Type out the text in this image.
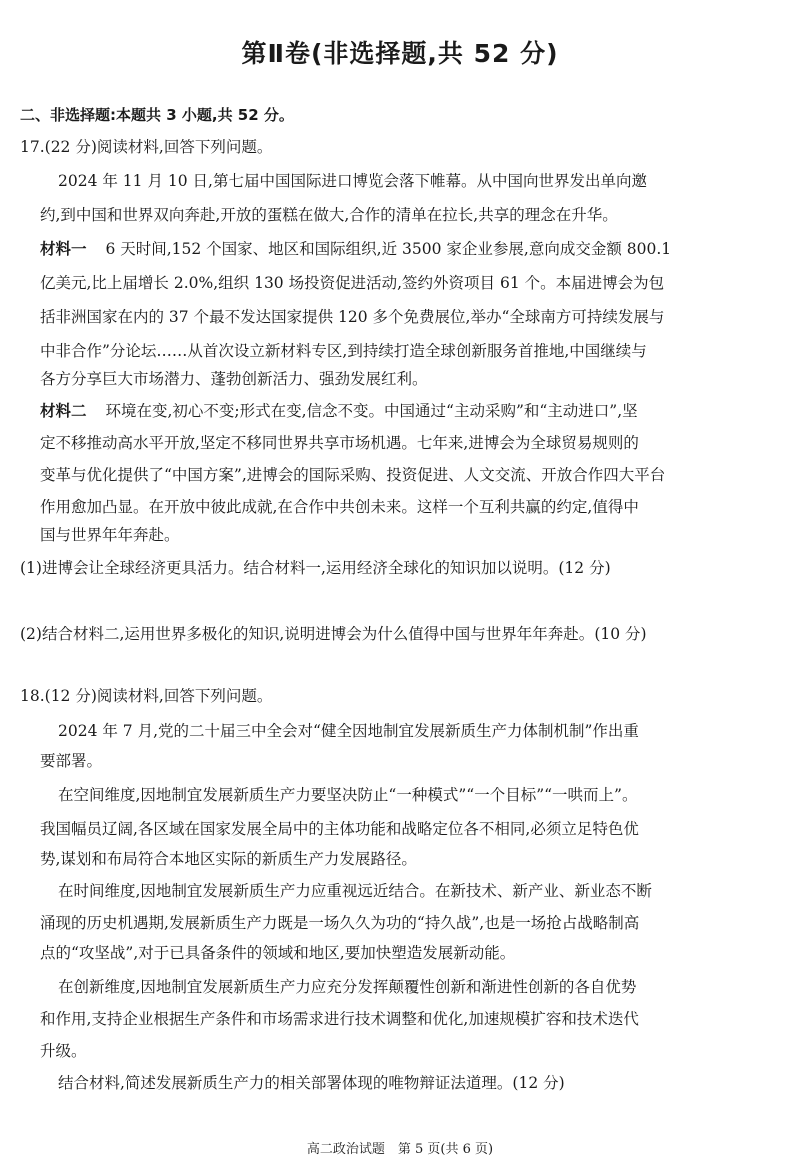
第Ⅱ卷(非选择题,共 52 分)
二、非选择题:本题共 3 小题,共 52 分。
17.(22 分)阅读材料,回答下列问题。
2024 年 11 月 10 日,第七届中国国际进口博览会落下帷幕。从中国向世界发出单向邀
约,到中国和世界双向奔赴,开放的蛋糕在做大,合作的清单在拉长,共享的理念在升华。
材料一 6 天时间,152 个国家、地区和国际组织,近 3500 家企业参展,意向成交金额 800.1
亿美元,比上届增长 2.0%,组织 130 场投资促进活动,签约外资项目 61 个。本届进博会为包
括非洲国家在内的 37 个最不发达国家提供 120 多个免费展位,举办“全球南方可持续发展与
中非合作”分论坛……从首次设立新材料专区,到持续打造全球创新服务首推地,中国继续与
各方分享巨大市场潜力、蓬勃创新活力、强劲发展红利。
材料二 环境在变,初心不变;形式在变,信念不变。中国通过“主动采购”和“主动进口”,坚
定不移推动高水平开放,坚定不移同世界共享市场机遇。七年来,进博会为全球贸易规则的
变革与优化提供了“中国方案”,进博会的国际采购、投资促进、人文交流、开放合作四大平台
作用愈加凸显。在开放中彼此成就,在合作中共创未来。这样一个互利共赢的约定,值得中
国与世界年年奔赴。
(1)进博会让全球经济更具活力。结合材料一,运用经济全球化的知识加以说明。(12 分)
(2)结合材料二,运用世界多极化的知识,说明进博会为什么值得中国与世界年年奔赴。(10 分)
18.(12 分)阅读材料,回答下列问题。
2024 年 7 月,党的二十届三中全会对“健全因地制宜发展新质生产力体制机制”作出重
要部署。
在空间维度,因地制宜发展新质生产力要坚决防止“一种模式”“一个目标”“一哄而上”。
我国幅员辽阔,各区域在国家发展全局中的主体功能和战略定位各不相同,必须立足特色优
势,谋划和布局符合本地区实际的新质生产力发展路径。
在时间维度,因地制宜发展新质生产力应重视远近结合。在新技术、新产业、新业态不断
涌现的历史机遇期,发展新质生产力既是一场久久为功的“持久战”,也是一场抢占战略制高
点的“攻坚战”,对于已具备条件的领域和地区,要加快塑造发展新动能。
在创新维度,因地制宜发展新质生产力应充分发挥颠覆性创新和渐进性创新的各自优势
和作用,支持企业根据生产条件和市场需求进行技术调整和优化,加速规模扩容和技术迭代
升级。
结合材料,简述发展新质生产力的相关部署体现的唯物辩证法道理。(12 分)
高二政治试题　第 5 页(共 6 页)
